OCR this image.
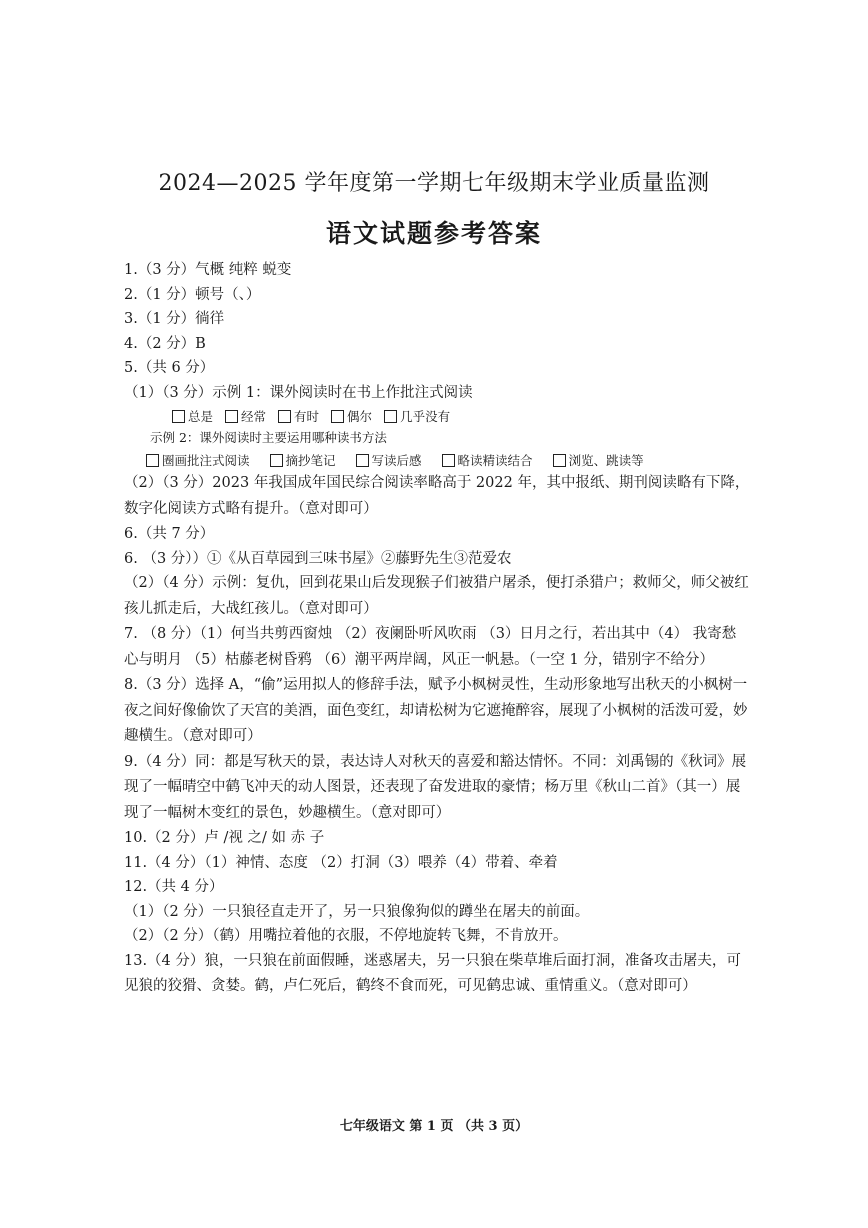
2024—2025 学年度第一学期七年级期末学业质量监测
语文试题参考答案
1.（3 分）气概 纯粹 蜕变
2.（1 分）顿号（、）
3.（1 分）徜徉
4.（2 分）B
5.（共 6 分）
（1）（3 分）示例 1：课外阅读时在书上作批注式阅读
总是 经常 有时 偶尔 几乎没有
示例 2：课外阅读时主要运用哪种读书方法
圈画批注式阅读	摘抄笔记	写读后感	略读精读结合	浏览、跳读等
（2）（3 分）2023 年我国成年国民综合阅读率略高于 2022 年，其中报纸、期刊阅读略有下降，数字化阅读方式略有提升。（意对即可）
6.（共 7 分）
6. （3 分））①《从百草园到三味书屋》②藤野先生③范爱农
（2）（4 分）示例：复仇，回到花果山后发现猴子们被猎户屠杀，便打杀猎户；救师父，师父被红孩儿抓走后，大战红孩儿。（意对即可）
7. （8 分）（1）何当共剪西窗烛 （2）夜阑卧听风吹雨 （3）日月之行，若出其中（4） 我寄愁心与明月 （5）枯藤老树昏鸦 （6）潮平两岸阔，风正一帆悬。（一空 1 分，错别字不给分）
8.（3 分）选择 A，“偷”运用拟人的修辞手法，赋予小枫树灵性，生动形象地写出秋天的小枫树一夜之间好像偷饮了天宫的美酒，面色变红，却请松树为它遮掩醉容，展现了小枫树的活泼可爱，妙趣横生。（意对即可）
9.（4 分）同：都是写秋天的景，表达诗人对秋天的喜爱和豁达情怀。不同：刘禹锡的《秋词》展现了一幅晴空中鹤飞冲天的动人图景，还表现了奋发进取的豪情；杨万里《秋山二首》（其一）展现了一幅树木变红的景色，妙趣横生。（意对即可）
10.（2 分）卢 /视 之/ 如 赤 子
11.（4 分）（1）神情、态度 （2）打洞（3）喂养（4）带着、牵着
12.（共 4 分）
（1）（2 分）一只狼径直走开了，另一只狼像狗似的蹲坐在屠夫的前面。
（2）（2 分）（鹤）用嘴拉着他的衣服，不停地旋转飞舞，不肯放开。
13.（4 分）狼，一只狼在前面假睡，迷惑屠夫，另一只狼在柴草堆后面打洞，准备攻击屠夫，可见狼的狡猾、贪婪。鹤，卢仁死后，鹤终不食而死，可见鹤忠诚、重情重义。（意对即可）
七年级语文 第 1 页 （共 3 页）
